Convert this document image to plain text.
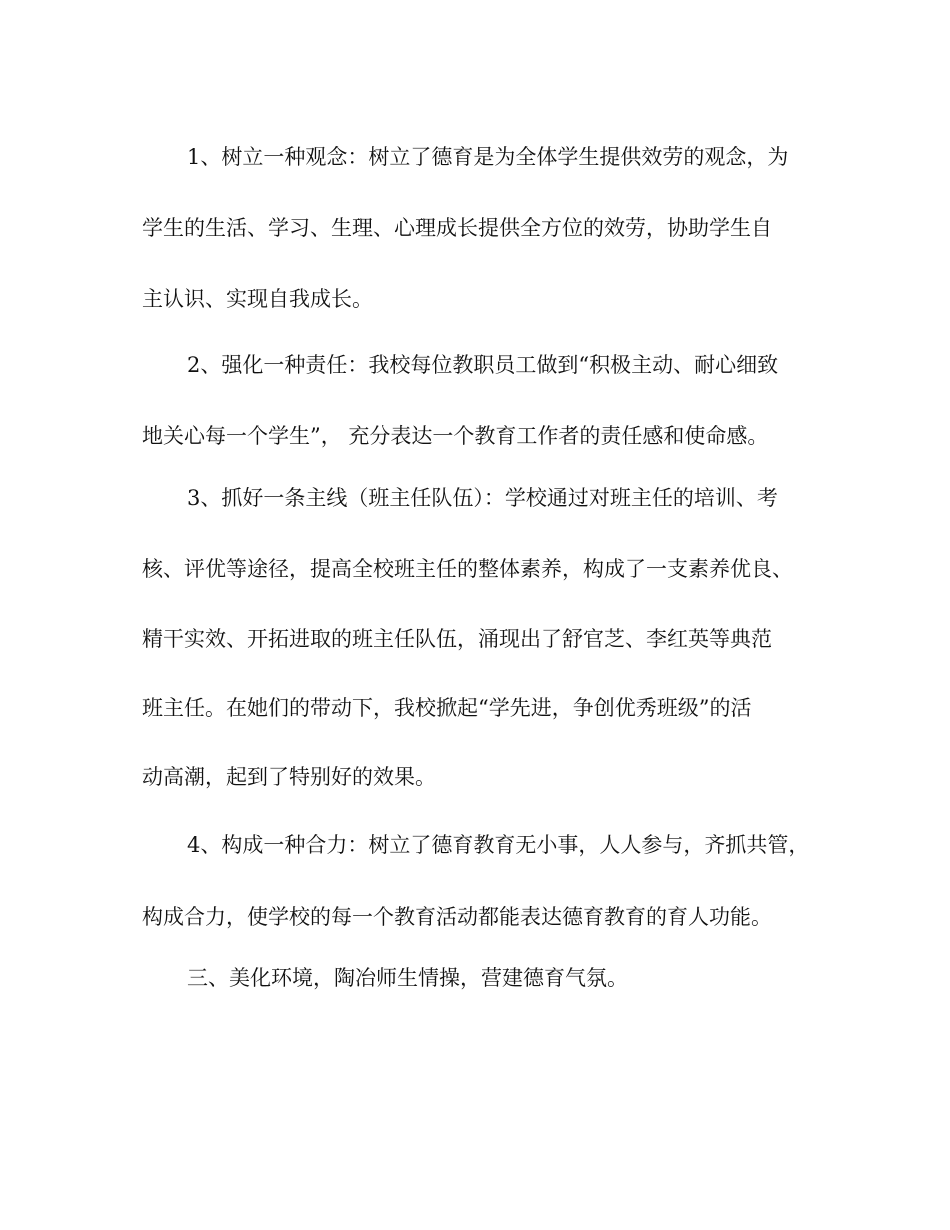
1、树立一种观念：树立了德育是为全体学生提供效劳的观念，为
学生的生活、学习、生理、心理成长提供全方位的效劳，协助学生自
主认识、实现自我成长。
2、强化一种责任：我校每位教职员工做到“积极主动、耐心细致
地关心每一个学生”， 充分表达一个教育工作者的责任感和使命感。
3、抓好一条主线（班主任队伍）：学校通过对班主任的培训、考
核、评优等途径，提高全校班主任的整体素养，构成了一支素养优良、
精干实效、开拓进取的班主任队伍，涌现出了舒官芝、李红英等典范
班主任。在她们的带动下，我校掀起“学先进，争创优秀班级”的活
动高潮，起到了特别好的效果。
4、构成一种合力：树立了德育教育无小事，人人参与，齐抓共管，
构成合力，使学校的每一个教育活动都能表达德育教育的育人功能。
三、美化环境，陶冶师生情操，营建德育气氛。
